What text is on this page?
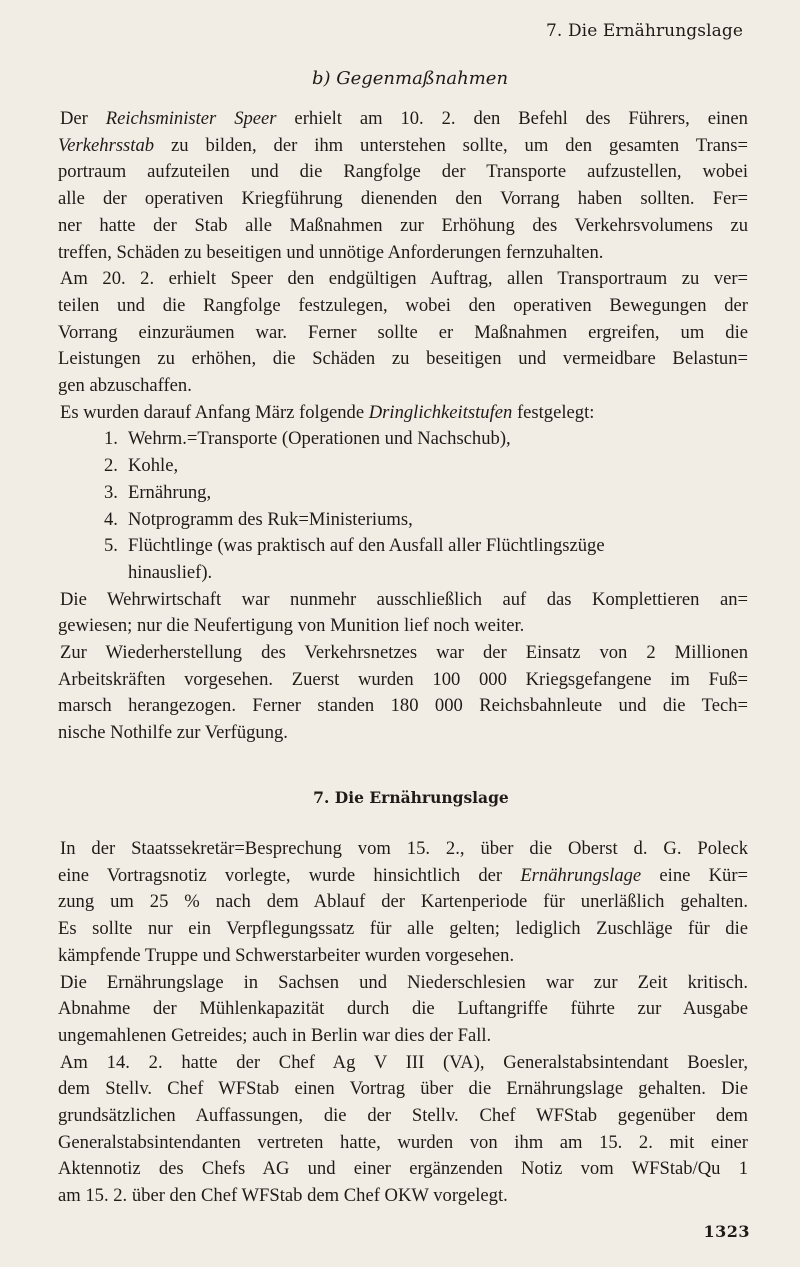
7. Die Ernährungslage
b) Gegenmaßnahmen

Der Reichsminister Speer erhielt am 10. 2. den Befehl des Führers, einen
Verkehrsstab zu bilden, der ihm unterstehen sollte, um den gesamten Trans=
portraum aufzuteilen und die Rangfolge der Transporte aufzustellen, wobei
alle der operativen Kriegführung dienenden den Vorrang haben sollten. Fer=
ner hatte der Stab alle Maßnahmen zur Erhöhung des Verkehrsvolumens zu
treffen, Schäden zu beseitigen und unnötige Anforderungen fernzuhalten.

Am 20. 2. erhielt Speer den endgültigen Auftrag, allen Transportraum zu ver=
teilen und die Rangfolge festzulegen, wobei den operativen Bewegungen der
Vorrang einzuräumen war. Ferner sollte er Maßnahmen ergreifen, um die
Leistungen zu erhöhen, die Schäden zu beseitigen und vermeidbare Belastun=
gen abzuschaffen.

Es wurden darauf Anfang März folgende Dringlichkeitstufen festgelegt:

1. Wehrm.=Transporte (Operationen und Nachschub),
2. Kohle,
3. Ernährung,
4. Notprogramm des Ruk=Ministeriums,
5. Flüchtlinge (was praktisch auf den Ausfall aller Flüchtlingszüge
hinauslief).

Die Wehrwirtschaft war nunmehr ausschließlich auf das Komplettieren an=
gewiesen; nur die Neufertigung von Munition lief noch weiter.

Zur Wiederherstellung des Verkehrsnetzes war der Einsatz von 2 Millionen
Arbeitskräften vorgesehen. Zuerst wurden 100 000 Kriegsgefangene im Fuß=
marsch herangezogen. Ferner standen 180 000 Reichsbahnleute und die Tech=
nische Nothilfe zur Verfügung.

7. Die Ernährungslage

In der Staatssekretär=Besprechung vom 15. 2., über die Oberst d. G. Poleck
eine Vortragsnotiz vorlegte, wurde hinsichtlich der Ernährungslage eine Kür=
zung um 25 % nach dem Ablauf der Kartenperiode für unerläßlich gehalten.
Es sollte nur ein Verpflegungssatz für alle gelten; lediglich Zuschläge für die
kämpfende Truppe und Schwerstarbeiter wurden vorgesehen.

Die Ernährungslage in Sachsen und Niederschlesien war zur Zeit kritisch.
Abnahme der Mühlenkapazität durch die Luftangriffe führte zur Ausgabe
ungemahlenen Getreides; auch in Berlin war dies der Fall.

Am 14. 2. hatte der Chef Ag V III (VA), Generalstabsintendant Boesler,
dem Stellv. Chef WFStab einen Vortrag über die Ernährungslage gehalten. Die
grundsätzlichen Auffassungen, die der Stellv. Chef WFStab gegenüber dem
Generalstabsintendanten vertreten hatte, wurden von ihm am 15. 2. mit einer
Aktennotiz des Chefs AG und einer ergänzenden Notiz vom WFStab/Qu 1
am 15. 2. über den Chef WFStab dem Chef OKW vorgelegt.

1323
